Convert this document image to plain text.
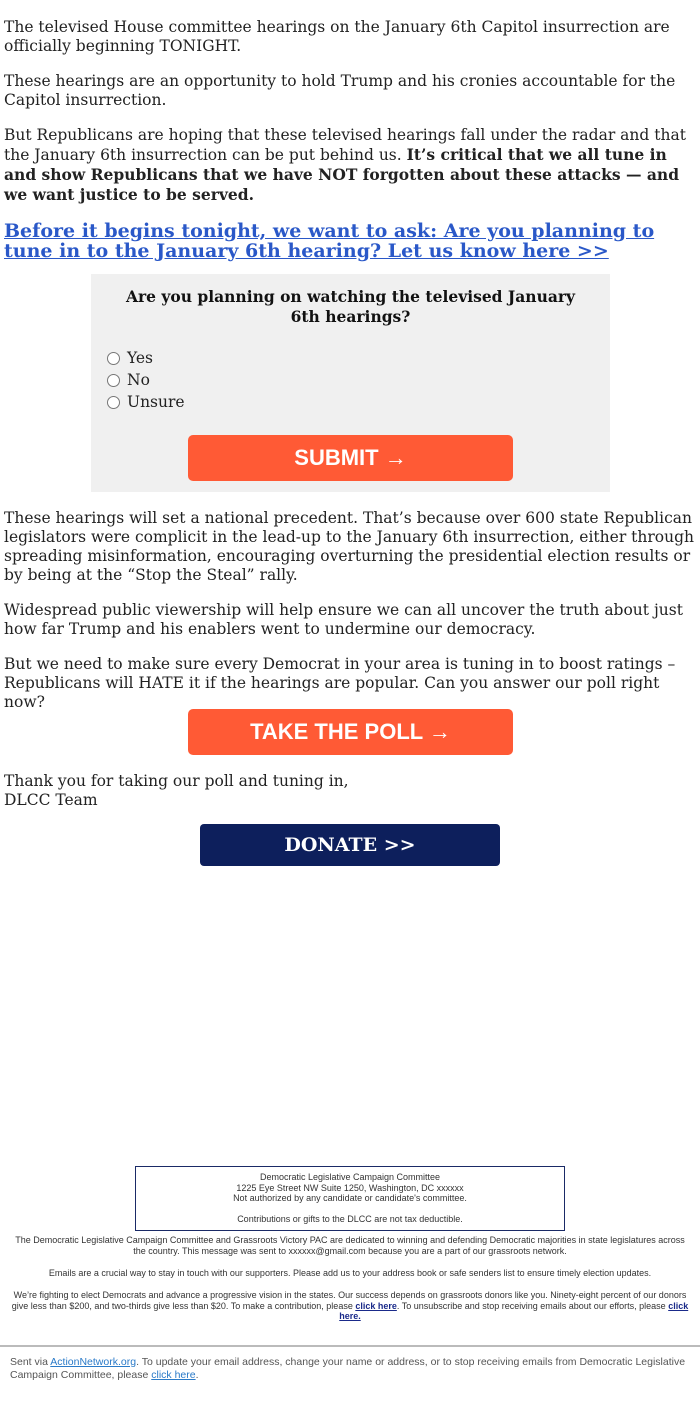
The televised House committee hearings on the January 6th Capitol insurrection are officially beginning TONIGHT.

These hearings are an opportunity to hold Trump and his cronies accountable for the Capitol insurrection.

But Republicans are hoping that these televised hearings fall under the radar and that the January 6th insurrection can be put behind us. It’s critical that we all tune in and show Republicans that we have NOT forgotten about these attacks — and we want justice to be served.

Before it begins tonight, we want to ask: Are you planning to tune in to the January 6th hearing? Let us know here >>
Are you planning on watching the televised January 6th hearings?
Yes
No
Unsure
SUBMIT →

These hearings will set a national precedent. That’s because over 600 state Republican legislators were complicit in the lead-up to the January 6th insurrection, either through spreading misinformation, encouraging overturning the presidential election results or by being at the “Stop the Steal” rally.

Widespread public viewership will help ensure we can all uncover the truth about just how far Trump and his enablers went to undermine our democracy.

But we need to make sure every Democrat in your area is tuning in to boost ratings – Republicans will HATE it if the hearings are popular. Can you answer our poll right now?

TAKE THE POLL →
Thank you for taking our poll and tuning in,
DLCC Team
DONATE >>
Democratic Legislative Campaign Committee
1225 Eye Street NW Suite 1250, Washington, DC xxxxxx
Not authorized by any candidate or candidate's committee.
Contributions or gifts to the DLCC are not tax deductible.
The Democratic Legislative Campaign Committee and Grassroots Victory PAC are dedicated to winning and defending Democratic majorities in state legislatures across the country. This message was sent to xxxxxx@gmail.com because you are a part of our grassroots network.
Emails are a crucial way to stay in touch with our supporters. Please add us to your address book or safe senders list to ensure timely election updates.
We’re fighting to elect Democrats and advance a progressive vision in the states. Our success depends on grassroots donors like you. Ninety-eight percent of our donors give less than $200, and two-thirds give less than $20. To make a contribution, please click here. To unsubscribe and stop receiving emails about our efforts, please click here.
Sent via ActionNetwork.org. To update your email address, change your name or address, or to stop receiving emails from Democratic Legislative Campaign Committee, please click here.
